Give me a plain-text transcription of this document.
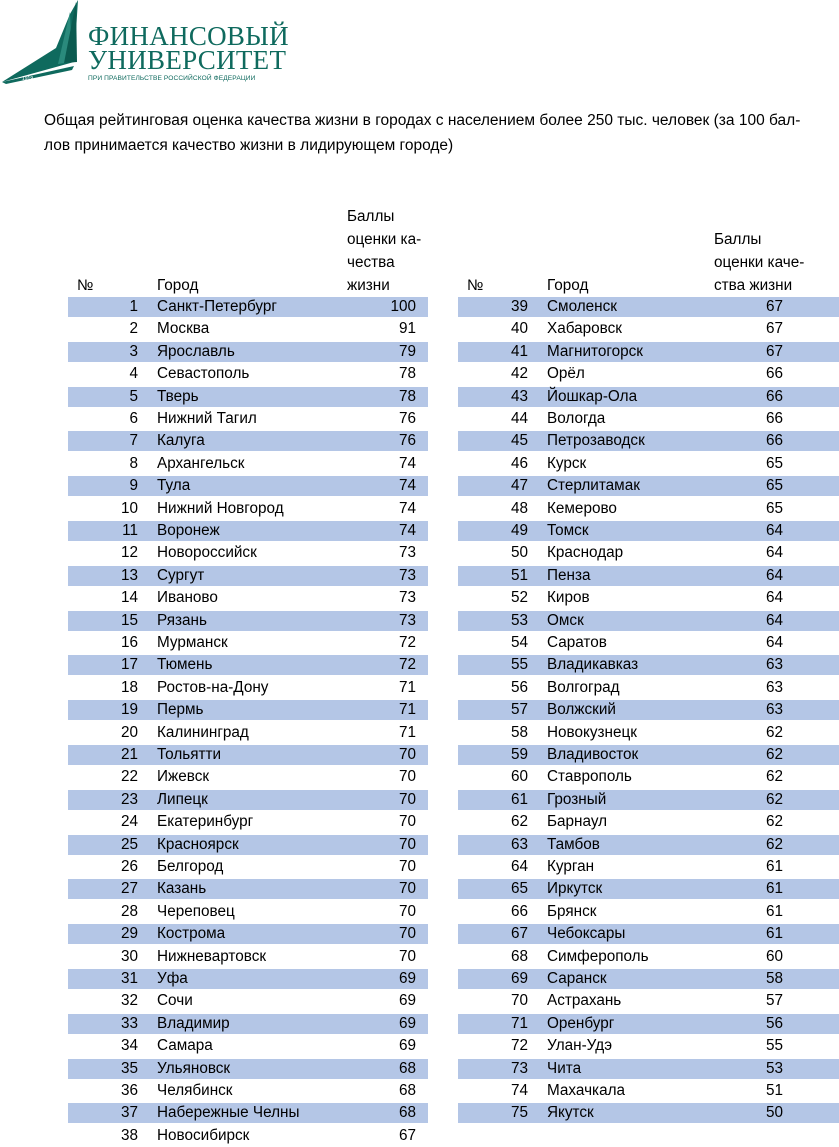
1919
ФИНАНСОВЫЙ
УНИВЕРСИТЕТ
ПРИ ПРАВИТЕЛЬСТВЕ РОССИЙСКОЙ ФЕДЕРАЦИИ
Общая рейтинговая оценка качества жизни в городах с населением более 250 тыс. человек (за 100 бал-
лов принимается качество жизни в лидирующем городе)
№	Город
Баллы
оценки ка-
чества
жизни	№	Город
Баллы
оценки каче-
ства жизни
1 Санкт-Петербург	100
2 Москва	91
3 Ярославль	79
4 Севастополь	78
5 Тверь	78
6 Нижний Тагил	76
7 Калуга	76
8 Архангельск	74
9 Тула	74
10 Нижний Новгород	74
11 Воронеж	74
12 Новороссийск	73
13 Сургут	73
14 Иваново	73
15 Рязань	73
16 Мурманск	72
17 Тюмень	72
18 Ростов-на-Дону	71
19 Пермь	71
20 Калининград	71
21 Тольятти	70
22 Ижевск	70
23 Липецк	70
24 Екатеринбург	70
25 Красноярск	70
26 Белгород	70
27 Казань	70
28 Череповец	70
29 Кострома	70
30 Нижневартовск	70
31 Уфа	69
32 Сочи	69
33 Владимир	69
34 Самара	69
35 Ульяновск	68
36 Челябинск	68
37 Набережные Челны	68
38 Новосибирск	67
39 Смоленск	67
40 Хабаровск	67
41 Магнитогорск	67
42 Орёл	66
43 Йошкар-Ола	66
44 Вологда	66
45 Петрозаводск	66
46 Курск	65
47 Стерлитамак	65
48 Кемерово	65
49 Томск	64
50 Краснодар	64
51 Пенза	64
52 Киров	64
53 Омск	64
54 Саратов	64
55 Владикавказ	63
56 Волгоград	63
57 Волжский	63
58 Новокузнецк	62
59 Владивосток	62
60 Ставрополь	62
61 Грозный	62
62 Барнаул	62
63 Тамбов	62
64 Курган	61
65 Иркутск	61
66 Брянск	61
67 Чебоксары	61
68 Симферополь	60
69 Саранск	58
70 Астрахань	57
71 Оренбург	56
72 Улан-Удэ	55
73 Чита	53
74 Махачкала	51
75 Якутск	50
